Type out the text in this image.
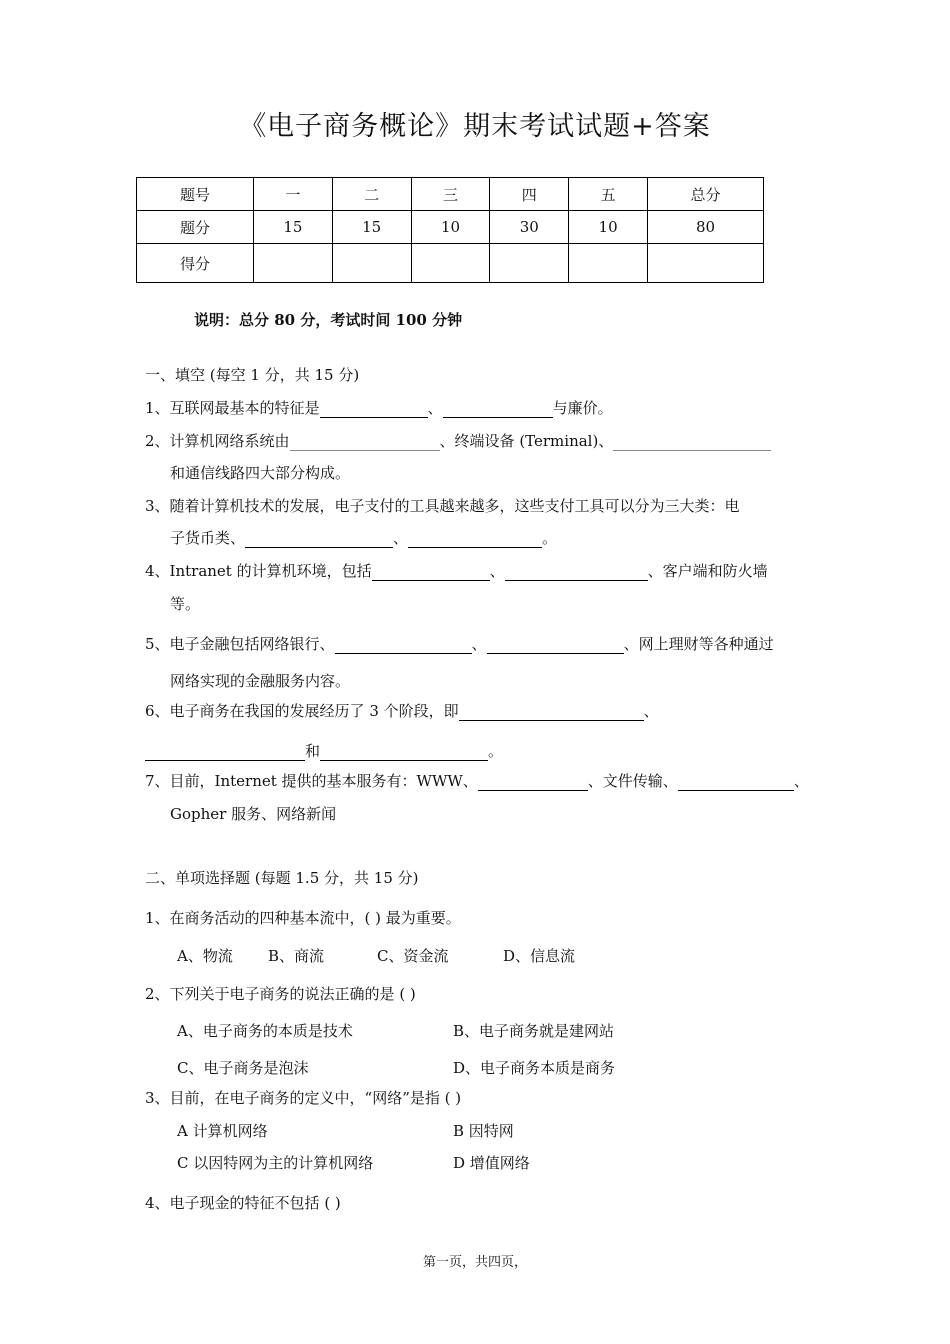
《电子商务概论》期末考试试题+答案
题号	一	二	三	四	五	总分
题分	15	15	10	30	10	80
得分						
说明：总分 80 分，考试时间 100 分钟
一、填空 (每空 1 分，共 15 分)
1、互联网最基本的特征是	、	与廉价。
2、计算机网络系统由	、终端设备 (Terminal)、
和通信线路四大部分构成。
3、随着计算机技术的发展，电子支付的工具越来越多，这些支付工具可以分为三大类：电
子货币类、	、	。
4、Intranet 的计算机环境，包括	、	、客户端和防火墙
等。
5、电子金融包括网络银行、	、	、网上理财等各种通过
网络实现的金融服务内容。
6、电子商务在我国的发展经历了 3 个阶段，即	、
和	。
7、目前，Internet 提供的基本服务有：WWW、	、文件传输、	、
Gopher 服务、网络新闻
二、单项选择题 (每题 1.5 分，共 15 分)
1、在商务活动的四种基本流中，( ) 最为重要。
A、物流 B、商流	C、资金流	D、信息流
2、下列关于电子商务的说法正确的是 ( )
A、电子商务的本质是技术	B、电子商务就是建网站
C、电子商务是泡沫	D、电子商务本质是商务
3、目前，在电子商务的定义中，“网络”是指 ( )
A 计算机网络	B 因特网
C 以因特网为主的计算机网络	D 增值网络
4、电子现金的特征不包括 ( )
第一页，共四页，
